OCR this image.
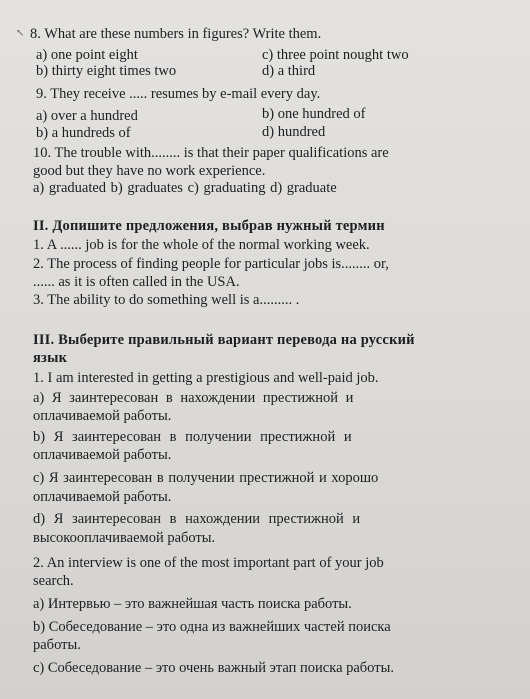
↖ 8. What are these numbers in figures? Write them.
a) one point eight	c) three point nought two
b) thirty eight times two	d) a third
9. They receive ..... resumes by e-mail every day.
a) over a hundred	b) one hundred of
b) a hundreds of	d) hundred
10. The trouble with........ is that their paper qualifications are
good but they have no work experience.
a) graduated b) graduates c) graduating d) graduate
II. Допишите предложения, выбрав нужный термин
1. A ...... job is for the whole of the normal working week.
2. The process of finding people for particular jobs is........ or,
...... as it is often called in the USA.
3. The ability to do something well is a......... .
III. Выберите правильный вариант перевода на русский
язык
1. I am interested in getting a prestigious and well-paid job.
а) Я заинтересован в нахождении престижной и
оплачиваемой работы.
b) Я заинтересован в получении престижной и
оплачиваемой работы.
с) Я заинтересован в получении престижной и хорошо
оплачиваемой работы.
d) Я заинтересован в нахождении престижной и
высокооплачиваемой работы.
2. An interview is one of the most important part of your job
search.
а) Интервью – это важнейшая часть поиска работы.
b) Собеседование – это одна из важнейших частей поиска
работы.
с) Собеседование – это очень важный этап поиска работы.
